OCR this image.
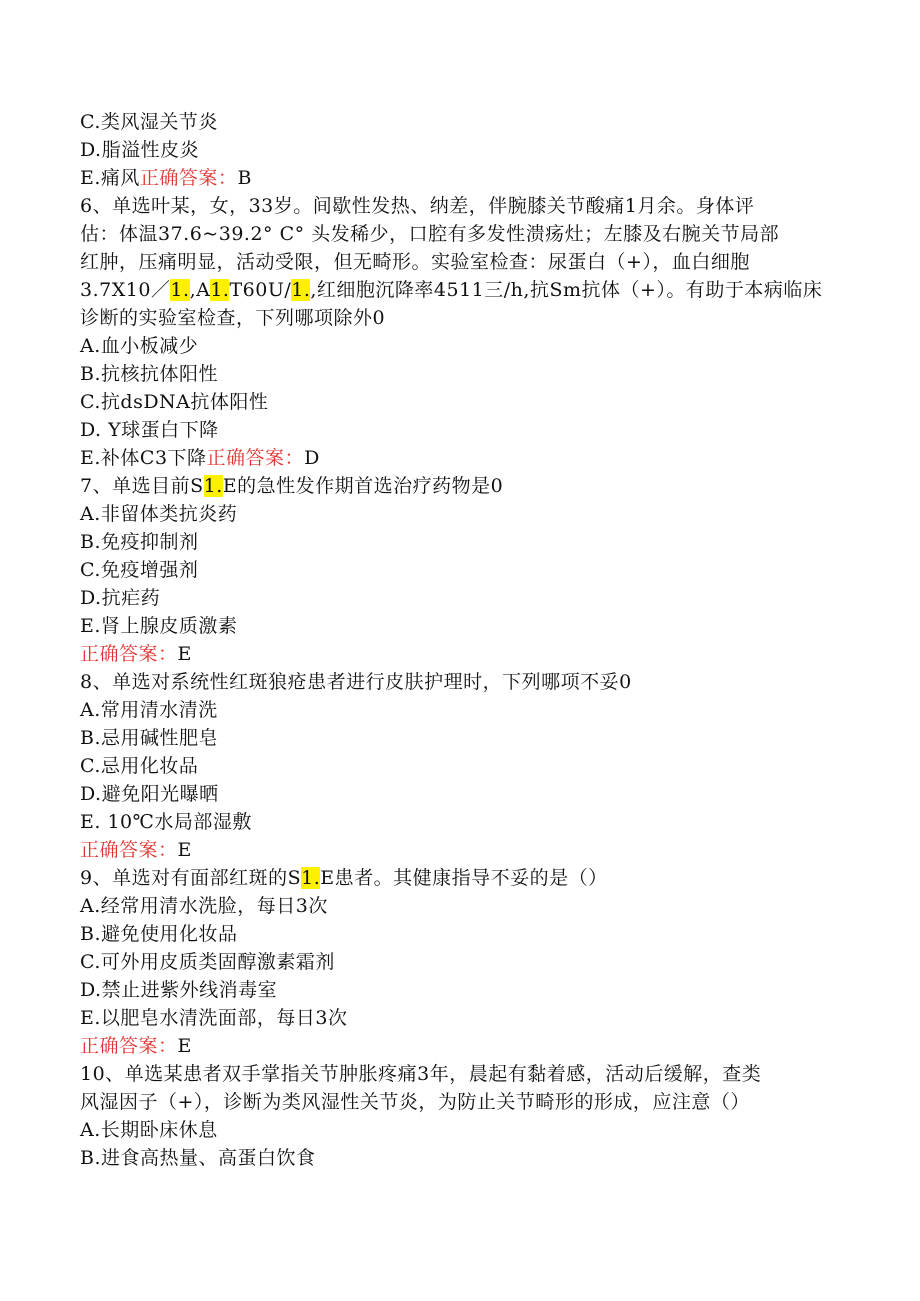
C.类风湿关节炎
D.脂溢性皮炎
E.痛风正确答案：B
6、单选叶某，女，33岁。间歇性发热、纳差，伴腕膝关节酸痛1月余。身体评
估：体温37.6~39.2° C° 头发稀少，口腔有多发性溃疡灶；左膝及右腕关节局部
红肿，压痛明显，活动受限，但无畸形。实验室检查：尿蛋白（+），血白细胞
3.7X10／1.,A1.T60U/1.,红细胞沉降率4511三/h,抗Sm抗体（+）。有助于本病临床
诊断的实验室检查，下列哪项除外0
A.血小板减少
B.抗核抗体阳性
C.抗dsDNA抗体阳性
D. Y球蛋白下降
E.补体C3下降正确答案：D
7、单选目前S1.E的急性发作期首选治疗药物是0
A.非留体类抗炎药
B.免疫抑制剂
C.免疫增强剂
D.抗疟药
E.肾上腺皮质激素
正确答案：E
8、单选对系统性红斑狼疮患者进行皮肤护理时，下列哪项不妥0
A.常用清水清洗
B.忌用碱性肥皂
C.忌用化妆品
D.避免阳光曝晒
E. 10℃水局部湿敷
正确答案：E
9、单选对有面部红斑的S1.E患者。其健康指导不妥的是（）
A.经常用清水洗脸，每日3次
B.避免使用化妆品
C.可外用皮质类固醇激素霜剂
D.禁止进紫外线消毒室
E.以肥皂水清洗面部，每日3次
正确答案：E
10、单选某患者双手掌指关节肿胀疼痛3年，晨起有黏着感，活动后缓解，查类
风湿因子（+），诊断为类风湿性关节炎，为防止关节畸形的形成，应注意（）
A.长期卧床休息
B.进食高热量、高蛋白饮食
